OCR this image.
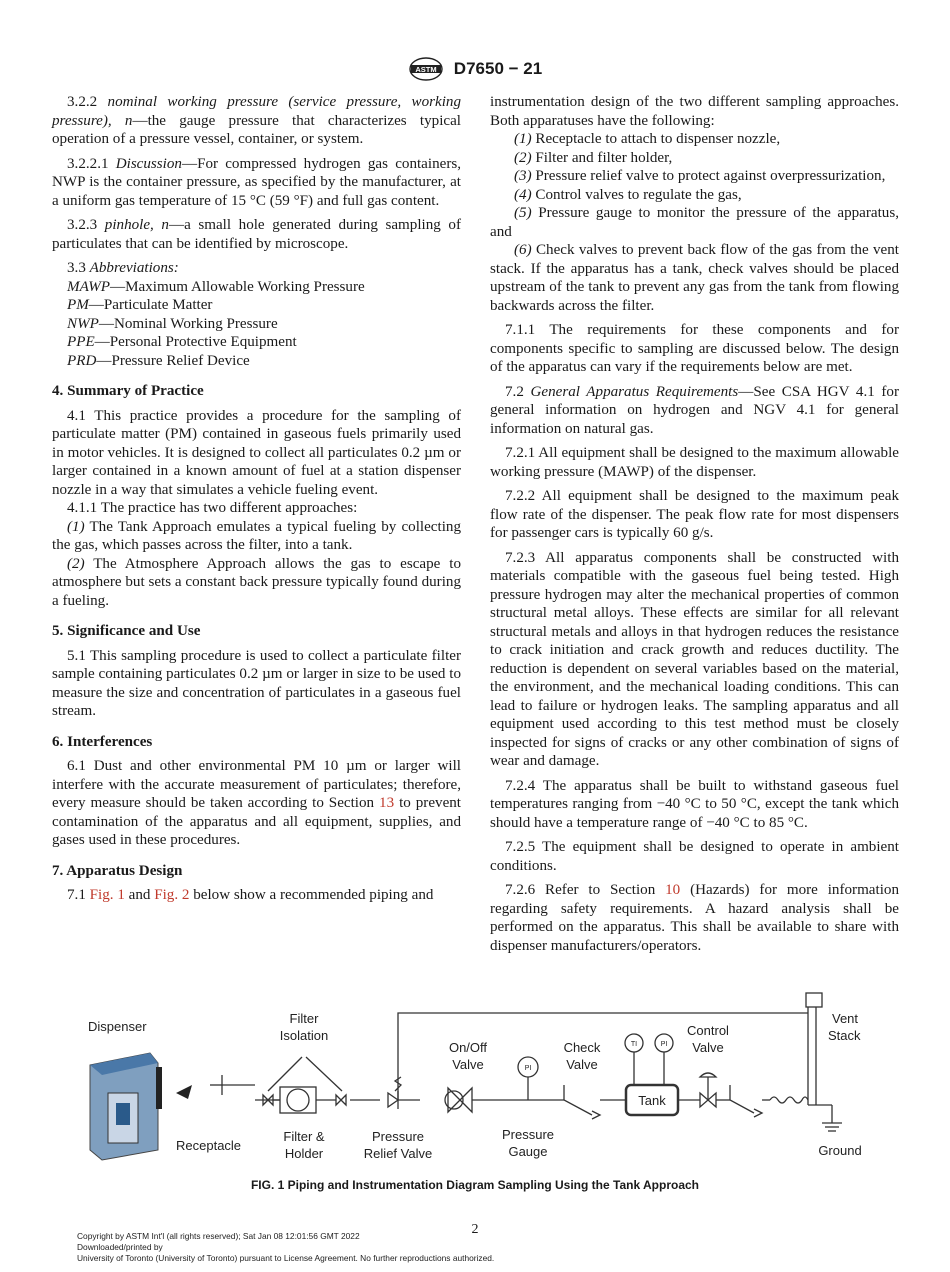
ASTM D7650 − 21

3.2.2 nominal working pressure (service pressure, working pressure), n—the gauge pressure that characterizes typical operation of a pressure vessel, container, or system.

3.2.2.1 Discussion—For compressed hydrogen gas containers, NWP is the container pressure, as specified by the manufacturer, at a uniform gas temperature of 15 °C (59 °F) and full gas content.

3.2.3 pinhole, n—a small hole generated during sampling of particulates that can be identified by microscope.

3.3 Abbreviations:

MAWP—Maximum Allowable Working Pressure

PM—Particulate Matter

NWP—Nominal Working Pressure

PPE—Personal Protective Equipment

PRD—Pressure Relief Device

4. Summary of Practice

4.1 This practice provides a procedure for the sampling of particulate matter (PM) contained in gaseous fuels primarily used in motor vehicles. It is designed to collect all particulates 0.2 µm or larger contained in a known amount of fuel at a station dispenser nozzle in a way that simulates a vehicle fueling event.

4.1.1 The practice has two different approaches:

(1) The Tank Approach emulates a typical fueling by collecting the gas, which passes across the filter, into a tank.

(2) The Atmosphere Approach allows the gas to escape to atmosphere but sets a constant back pressure typically found during a fueling.

5. Significance and Use

5.1 This sampling procedure is used to collect a particulate filter sample containing particulates 0.2 µm or larger in size to be used to measure the size and concentration of particulates in a gaseous fuel stream.

6. Interferences

6.1 Dust and other environmental PM 10 µm or larger will interfere with the accurate measurement of particulates; therefore, every measure should be taken according to Section 13 to prevent contamination of the apparatus and all equipment, supplies, and gases used in these procedures.

7. Apparatus Design

7.1 Fig. 1 and Fig. 2 below show a recommended piping and

instrumentation design of the two different sampling approaches. Both apparatuses have the following:

(1) Receptacle to attach to dispenser nozzle,

(2) Filter and filter holder,

(3) Pressure relief valve to protect against overpressurization,

(4) Control valves to regulate the gas,

(5) Pressure gauge to monitor the pressure of the apparatus, and

(6) Check valves to prevent back flow of the gas from the vent stack. If the apparatus has a tank, check valves should be placed upstream of the tank to prevent any gas from the tank from flowing backwards across the filter.

7.1.1 The requirements for these components and for components specific to sampling are discussed below. The design of the apparatus can vary if the requirements below are met.

7.2 General Apparatus Requirements—See CSA HGV 4.1 for general information on hydrogen and NGV 4.1 for general information on natural gas.

7.2.1 All equipment shall be designed to the maximum allowable working pressure (MAWP) of the dispenser.

7.2.2 All equipment shall be designed to the maximum peak flow rate of the dispenser. The peak flow rate for most dispensers for passenger cars is typically 60 g/s.

7.2.3 All apparatus components shall be constructed with materials compatible with the gaseous fuel being tested. High pressure hydrogen may alter the mechanical properties of common structural metal alloys. These effects are similar for all relevant structural metals and alloys in that hydrogen reduces the resistance to crack initiation and crack growth and reduces ductility. The reduction is dependent on several variables based on the material, the environment, and the mechanical loading conditions. This can lead to failure or hydrogen leaks. The sampling apparatus and all equipment used according to this test method must be closely inspected for signs of cracks or any other combination of signs of wear and damage.

7.2.4 The apparatus shall be built to withstand gaseous fuel temperatures ranging from −40 °C to 50 °C, except the tank which should have a temperature range of −40 °C to 85 °C.

7.2.5 The equipment shall be designed to operate in ambient conditions.

7.2.6 Refer to Section 10 (Hazards) for more information regarding safety requirements. A hazard analysis shall be performed on the apparatus. This shall be available to share with dispenser manufacturers/operators.

Dispenser
Filter
Isolation
On/Off
Valve
Check
Valve
Control
Valve
Vent
Stack
Receptacle
Filter &
Holder
Pressure
Relief Valve
Pressure
Gauge
Tank
Ground
PI
TI	PI
FIG. 1 Piping and Instrumentation Diagram Sampling Using the Tank Approach
2
Copyright by ASTM Int'l (all rights reserved); Sat Jan 08 12:01:56 GMT 2022
Downloaded/printed by
University of Toronto (University of Toronto) pursuant to License Agreement. No further reproductions authorized.
